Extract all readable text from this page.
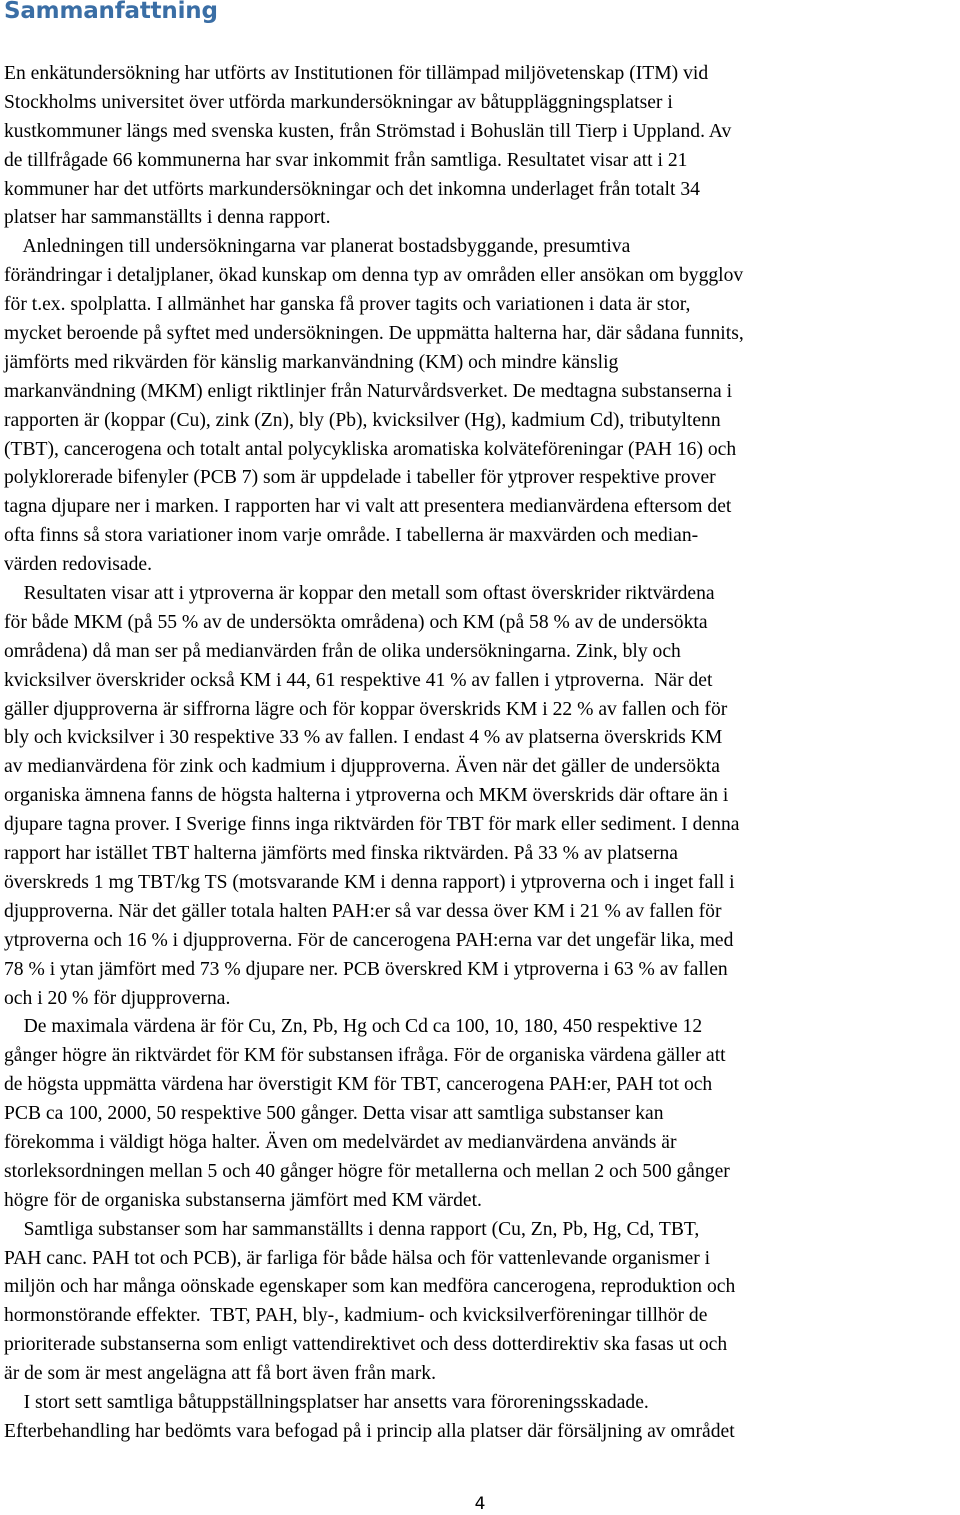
Sammanfattning
En enkätundersökning har utförts av Institutionen för tillämpad miljövetenskap (ITM) vid
Stockholms universitet över utförda markundersökningar av båtuppläggningsplatser i
kustkommuner längs med svenska kusten, från Strömstad i Bohuslän till Tierp i Uppland. Av
de tillfrågade 66 kommunerna har svar inkommit från samtliga. Resultatet visar att i 21
kommuner har det utförts markundersökningar och det inkomna underlaget från totalt 34
platser har sammanställts i denna rapport.
Anledningen till undersökningarna var planerat bostadsbyggande, presumtiva
förändringar i detaljplaner, ökad kunskap om denna typ av områden eller ansökan om bygglov
för t.ex. spolplatta. I allmänhet har ganska få prover tagits och variationen i data är stor,
mycket beroende på syftet med undersökningen. De uppmätta halterna har, där sådana funnits,
jämförts med rikvärden för känslig markanvändning (KM) och mindre känslig
markanvändning (MKM) enligt riktlinjer från Naturvårdsverket. De medtagna substanserna i
rapporten är (koppar (Cu), zink (Zn), bly (Pb), kvicksilver (Hg), kadmium Cd), tributyltenn
(TBT), cancerogena och totalt antal polycykliska aromatiska kolväteföreningar (PAH 16) och
polyklorerade bifenyler (PCB 7) som är uppdelade i tabeller för ytprover respektive prover
tagna djupare ner i marken. I rapporten har vi valt att presentera medianvärdena eftersom det
ofta finns så stora variationer inom varje område. I tabellerna är maxvärden och median-
värden redovisade.
Resultaten visar att i ytproverna är koppar den metall som oftast överskrider riktvärdena
för både MKM (på 55 % av de undersökta områdena) och KM (på 58 % av de undersökta
områdena) då man ser på medianvärden från de olika undersökningarna. Zink, bly och
kvicksilver överskrider också KM i 44, 61 respektive 41 % av fallen i ytproverna.  När det
gäller djupproverna är siffrorna lägre och för koppar överskrids KM i 22 % av fallen och för
bly och kvicksilver i 30 respektive 33 % av fallen. I endast 4 % av platserna överskrids KM
av medianvärdena för zink och kadmium i djupproverna. Även när det gäller de undersökta
organiska ämnena fanns de högsta halterna i ytproverna och MKM överskrids där oftare än i
djupare tagna prover. I Sverige finns inga riktvärden för TBT för mark eller sediment. I denna
rapport har istället TBT halterna jämförts med finska riktvärden. På 33 % av platserna
överskreds 1 mg TBT/kg TS (motsvarande KM i denna rapport) i ytproverna och i inget fall i
djupproverna. När det gäller totala halten PAH:er så var dessa över KM i 21 % av fallen för
ytproverna och 16 % i djupproverna. För de cancerogena PAH:erna var det ungefär lika, med
78 % i ytan jämfört med 73 % djupare ner. PCB överskred KM i ytproverna i 63 % av fallen
och i 20 % för djupproverna.
De maximala värdena är för Cu, Zn, Pb, Hg och Cd ca 100, 10, 180, 450 respektive 12
gånger högre än riktvärdet för KM för substansen ifråga. För de organiska värdena gäller att
de högsta uppmätta värdena har överstigit KM för TBT, cancerogena PAH:er, PAH tot och
PCB ca 100, 2000, 50 respektive 500 gånger. Detta visar att samtliga substanser kan
förekomma i väldigt höga halter. Även om medelvärdet av medianvärdena används är
storleksordningen mellan 5 och 40 gånger högre för metallerna och mellan 2 och 500 gånger
högre för de organiska substanserna jämfört med KM värdet.
Samtliga substanser som har sammanställts i denna rapport (Cu, Zn, Pb, Hg, Cd, TBT,
PAH canc. PAH tot och PCB), är farliga för både hälsa och för vattenlevande organismer i
miljön och har många oönskade egenskaper som kan medföra cancerogena, reproduktion och
hormonstörande effekter.  TBT, PAH, bly-, kadmium- och kvicksilverföreningar tillhör de
prioriterade substanserna som enligt vattendirektivet och dess dotterdirektiv ska fasas ut och
är de som är mest angelägna att få bort även från mark.
I stort sett samtliga båtuppställningsplatser har ansetts vara föroreningsskadade.
Efterbehandling har bedömts vara befogad på i princip alla platser där försäljning av området
4
